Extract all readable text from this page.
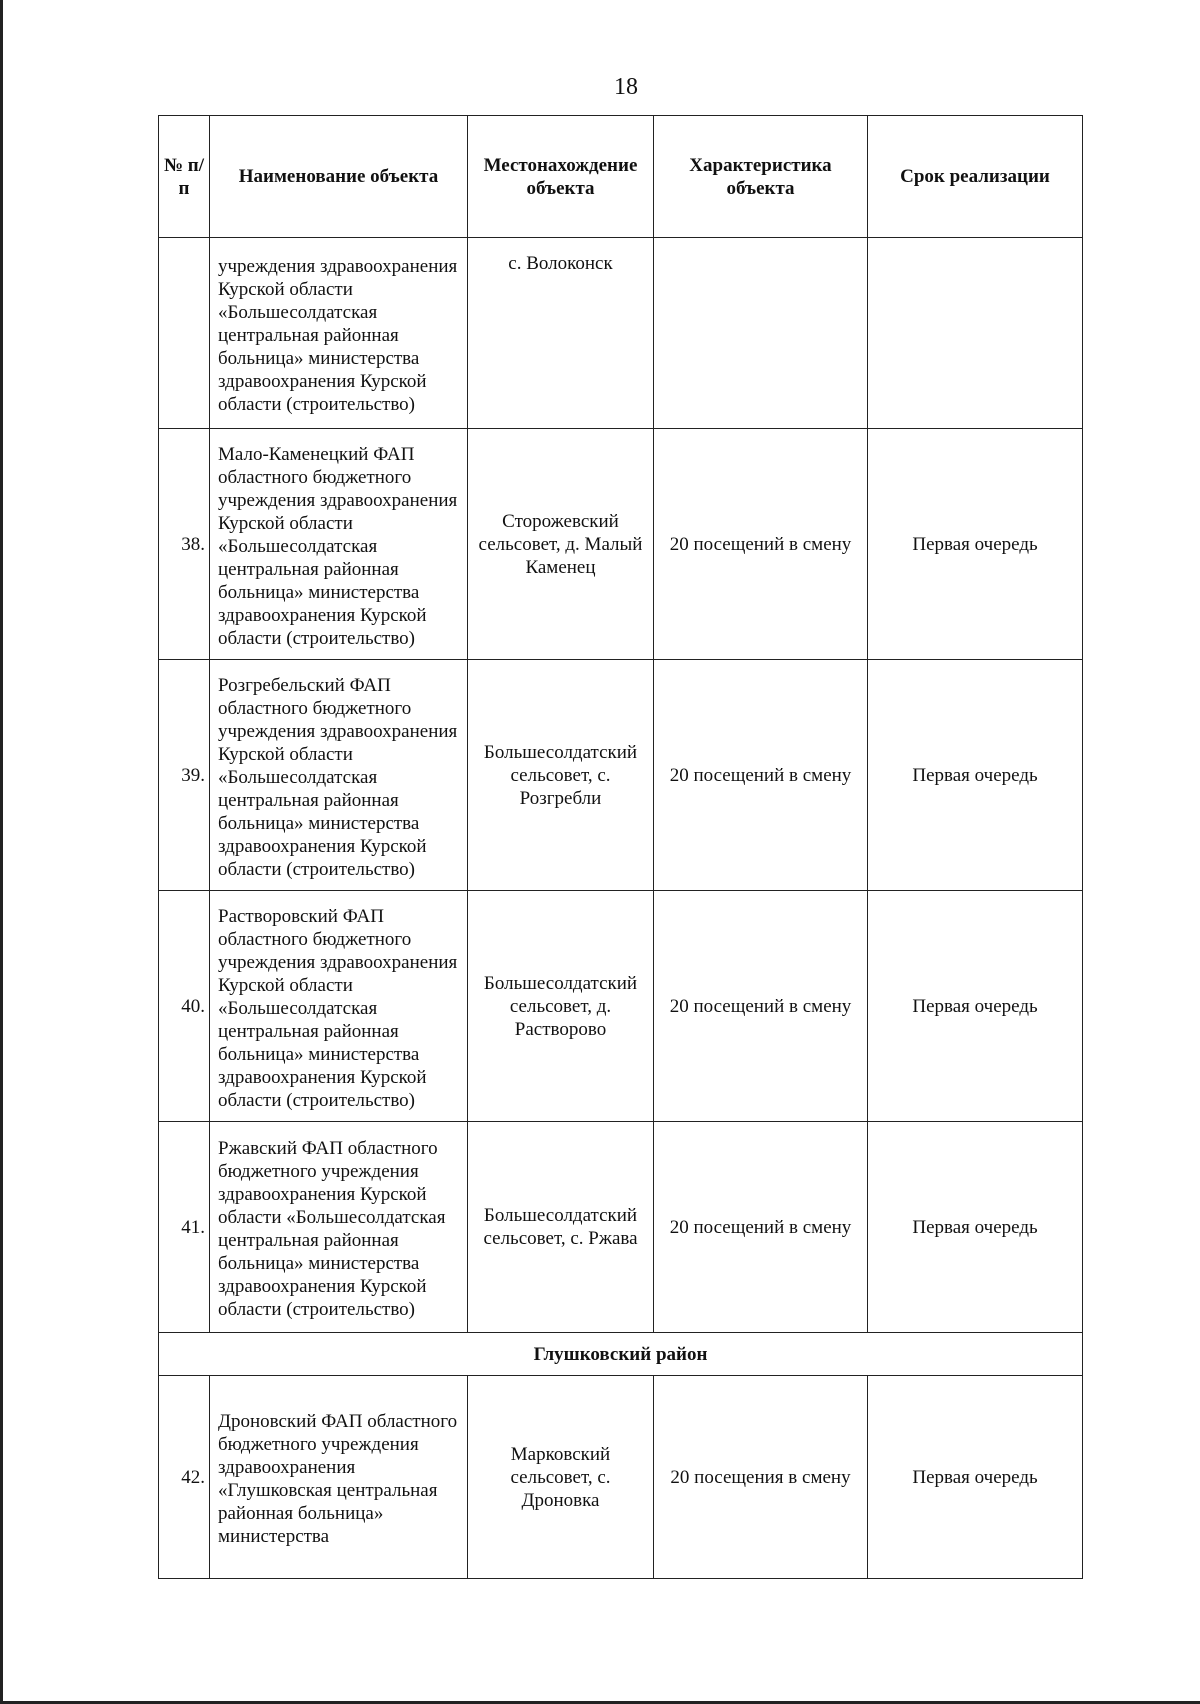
18
№ п/п	Наименование объекта	Местонахождение объекта	Характеристика объекта	Срок реализации
	учреждения здравоохранения Курской области «Большесолдатская центральная районная больница» министерства здравоохранения Курской области (строительство)	с. Волоконск		
38.	Мало-Каменецкий ФАП областного бюджетного учреждения здравоохранения Курской области «Большесолдатская центральная районная больница» министерства здравоохранения Курской области (строительство)	Сторожевский сельсовет, д. Малый Каменец	20 посещений в смену	Первая очередь
39.	Розгребельский ФАП областного бюджетного учреждения здравоохранения Курской области «Большесолдатская центральная районная больница» министерства здравоохранения Курской области (строительство)	Большесолдатский сельсовет, с. Розгребли	20 посещений в смену	Первая очередь
40.	Растворовский ФАП областного бюджетного учреждения здравоохранения Курской области «Большесолдатская центральная районная больница» министерства здравоохранения Курской области (строительство)	Большесолдатский сельсовет, д. Растворово	20 посещений в смену	Первая очередь
41.	Ржавский ФАП областного бюджетного учреждения здравоохранения Курской области «Большесолдатская центральная районная больница» министерства здравоохранения Курской области (строительство)	Большесолдатский сельсовет, с. Ржава	20 посещений в смену	Первая очередь
Глушковский район				
42.	Дроновский ФАП областного бюджетного учреждения здравоохранения «Глушковская центральная районная больница» министерства	Марковский сельсовет, с. Дроновка	20 посещения в смену	Первая очередь
